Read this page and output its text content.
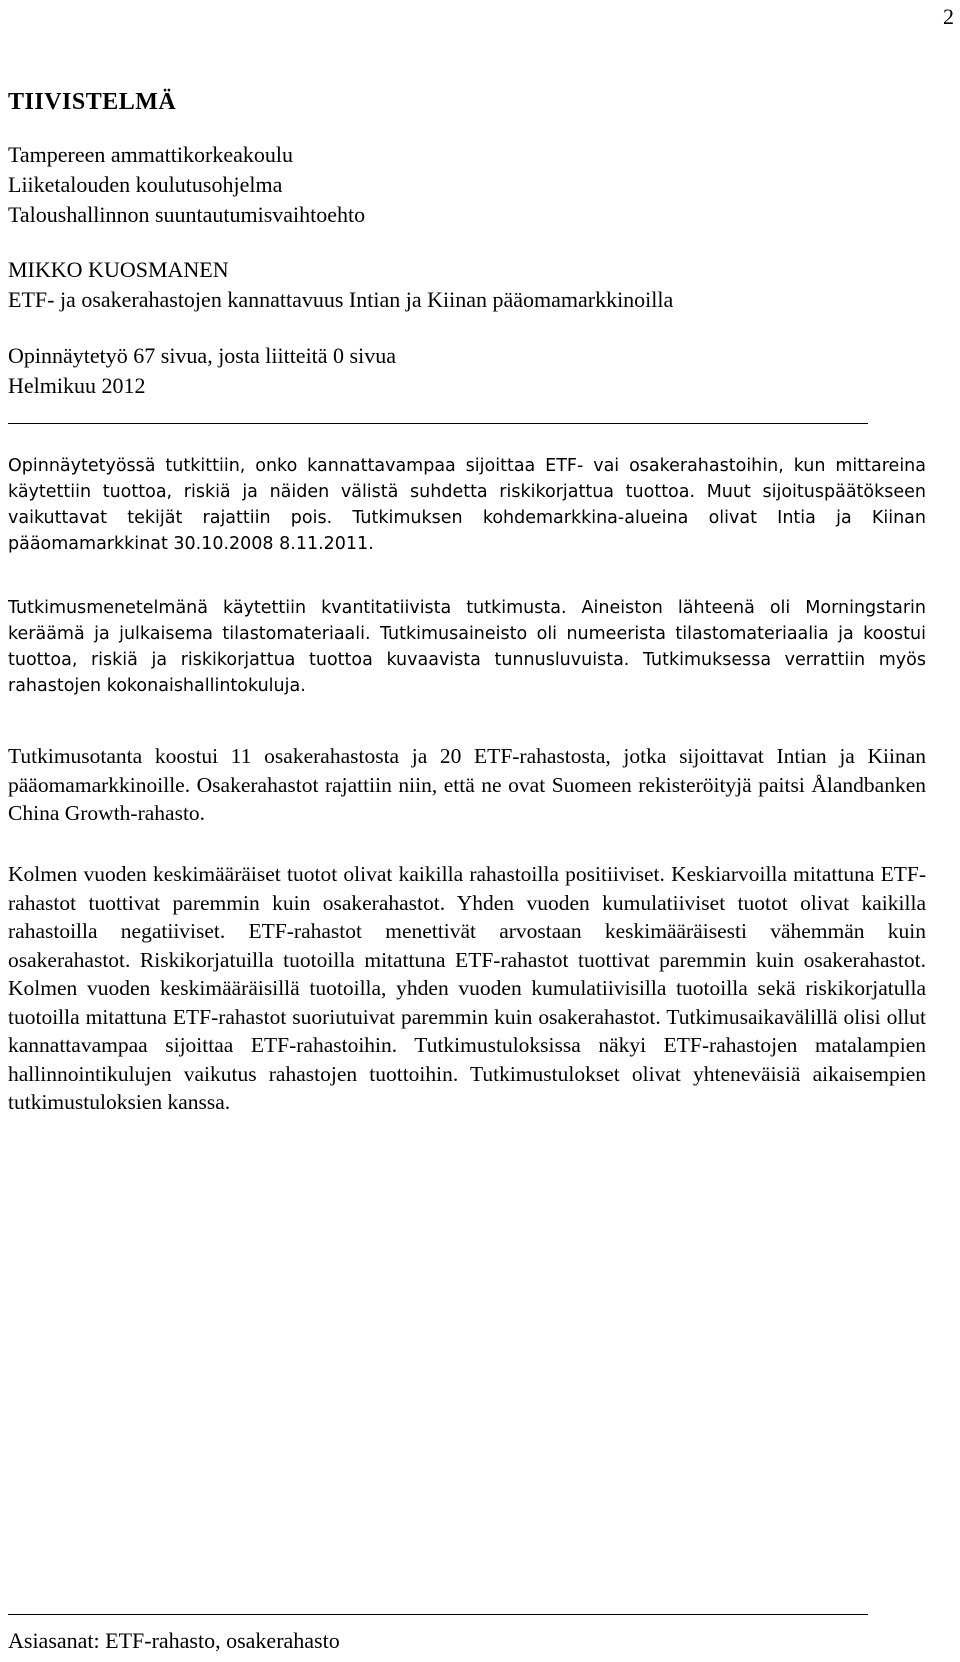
2
TIIVISTELMÄ
Tampereen ammattikorkeakoulu
Liiketalouden koulutusohjelma
Taloushallinnon suuntautumisvaihtoehto
MIKKO KUOSMANEN
ETF- ja osakerahastojen kannattavuus Intian ja Kiinan pääomamarkkinoilla
Opinnäytetyö 67 sivua, josta liitteitä 0 sivua
Helmikuu 2012

Opinnäytetyössä tutkittiin, onko kannattavampaa sijoittaa ETF- vai osakerahastoihin, kun mittareina käytettiin tuottoa, riskiä ja näiden välistä suhdetta riskikorjattua tuottoa. Muut sijoituspäätökseen vaikuttavat tekijät rajattiin pois. Tutkimuksen kohdemarkkina-alueina olivat Intia ja Kiinan pääomamarkkinat 30.10.2008 8.11.2011.

Tutkimusmenetelmänä käytettiin kvantitatiivista tutkimusta. Aineiston lähteenä oli Morningstarin keräämä ja julkaisema tilastomateriaali. Tutkimusaineisto oli numeerista tilastomateriaalia ja koostui tuottoa, riskiä ja riskikorjattua tuottoa kuvaavista tunnusluvuista. Tutkimuksessa verrattiin myös rahastojen kokonaishallintokuluja.

Tutkimusotanta koostui 11 osakerahastosta ja 20 ETF-rahastosta, jotka sijoittavat Intian ja Kiinan pääomamarkkinoille. Osakerahastot rajattiin niin, että ne ovat Suomeen rekisteröityjä paitsi Ålandbanken China Growth-rahasto.

Kolmen vuoden keskimääräiset tuotot olivat kaikilla rahastoilla positiiviset. Keskiarvoilla mitattuna ETF-rahastot tuottivat paremmin kuin osakerahastot. Yhden vuoden kumulatiiviset tuotot olivat kaikilla rahastoilla negatiiviset. ETF-rahastot menettivät arvostaan keskimääräisesti vähemmän kuin osakerahastot. Riskikorjatuilla tuotoilla mitattuna ETF-rahastot tuottivat paremmin kuin osakerahastot. Kolmen vuoden keskimääräisillä tuotoilla, yhden vuoden kumulatiivisilla tuotoilla sekä riskikorjatulla tuotoilla mitattuna ETF-rahastot suoriutuivat paremmin kuin osakerahastot. Tutkimusaikavälillä olisi ollut kannattavampaa sijoittaa ETF-rahastoihin. Tutkimustuloksissa näkyi ETF-rahastojen matalampien hallinnointikulujen vaikutus rahastojen tuottoihin. Tutkimustulokset olivat yhteneväisiä aikaisempien tutkimustuloksien kanssa.

Asiasanat: ETF-rahasto, osakerahasto
